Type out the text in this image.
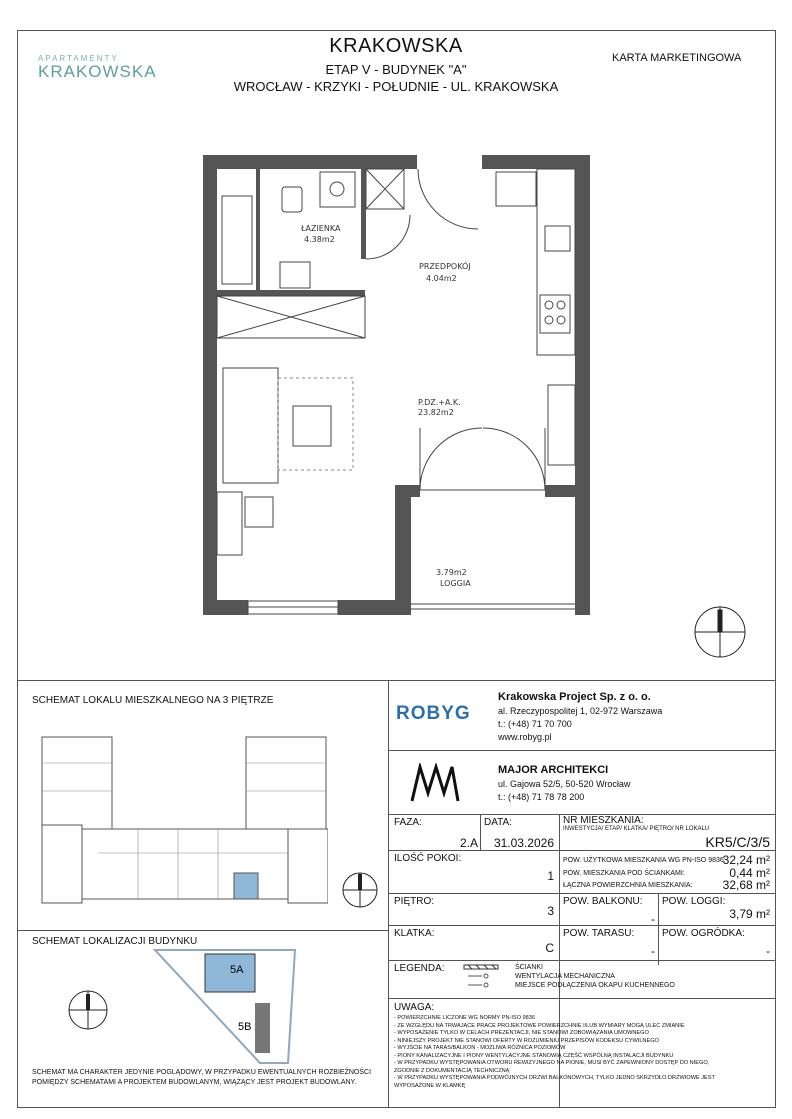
APARTAMENTY
KRAKOWSKA
KRAKOWSKA
ETAP V - BUDYNEK "A"
WROCŁAW - KRZYKI - POŁUDNIE - UL. KRAKOWSKA
KARTA MARKETINGOWA
ŁAZIENKA
4.38m2
PRZEDPOKÓJ
4.04m2
P.DZ.+A.K.
23.82m2
3.79m2
LOGGIA
SCHEMAT LOKALU MIESZKALNEGO NA 3 PIĘTRZE
SCHEMAT LOKALIZACJI BUDYNKU
5A
5B
SCHEMAT MA CHARAKTER JEDYNIE POGLĄDOWY, W PRZYPADKU EWENTUALNYCH ROZBIEŻNOŚCI POMIĘDZY SCHEMATAMI A PROJEKTEM BUDOWLANYM, WIĄŻĄCY JEST PROJEKT BUDOWLANY.
ROBYG
Krakowska Project Sp. z o. o.
al. Rzeczypospolitej 1, 02-972 Warszawa
t.: (+48) 71 70 700
www.robyg.pl
MAJOR ARCHITEKCI
ul. Gajowa 52/5, 50-520 Wrocław
t.: (+48) 71 78 78 200
FAZA:
2.A
DATA:
31.03.2026
NR MIESZKANIA:
INWESTYCJA/ ETAP/ KLATKA/ PIĘTRO/ NR LOKALU
KR5/C/3/5
ILOŚĆ POKOI:
1
POW. UŻYTKOWA MIESZKANIA WG PN-ISO 9836:
32,24 m²
POW. MIESZKANIA POD ŚCIANKAMI:	0,44 m²
ŁĄCZNA POWIERZCHNIA MIESZKANIA:	32,68 m²
PIĘTRO:
3
POW. BALKONU:
-
POW. LOGGI:
3,79 m²
KLATKA:
C
POW. TARASU:
-
POW. OGRÓDKA:
-
LEGENDA:	ŚCIANKI
WENTYLACJA MECHANICZNA
MIEJSCE PODŁĄCZENIA OKAPU KUCHENNEGO
UWAGA:
- POWIERZCHNIE LICZONE WG NORMY PN-ISO 9836
- ZE WZGLĘDU NA TRWAJĄCE PRACE PROJEKTOWE POWIERZCHNIE I/LUB WYMIARY MOGĄ ULEC ZMIANIE
- WYPOSAŻENIE TYLKO W CELACH PREZENTACJI, NIE STANOWI ZOBOWIĄZANIA UMOWNEGO
- NINIEJSZY PROJEKT NIE STANOWI OFERTY W ROZUMIENIU PRZEPISÓW KODEKSU CYWILNEGO
- WYJŚCIE NA TARAS/BALKON - MOŻLIWA RÓŻNICA POZIOMÓW
- PIONY KANALIZACYJNE I PIONY WENTYLACYJNE STANOWIĄ CZĘŚĆ WSPÓLNĄ INSTALACJI BUDYNKU
- W PRZYPADKU WYSTĘPOWANIA OTWORU REWIZYJNEGO NA PIONIE, MUSI BYĆ ZAPEWNIONY DOSTĘP DO NIEGO, ZGODNIE Z DOKUMENTACJĄ TECHNICZNĄ
- W PRZYPADKU WYSTĘPOWANIA PODWÓJNYCH DRZWI BALKONOWYCH, TYLKO JEDNO SKRZYDŁO DRZWIOWE JEST WYPOSAŻONE W KLAMKĘ
